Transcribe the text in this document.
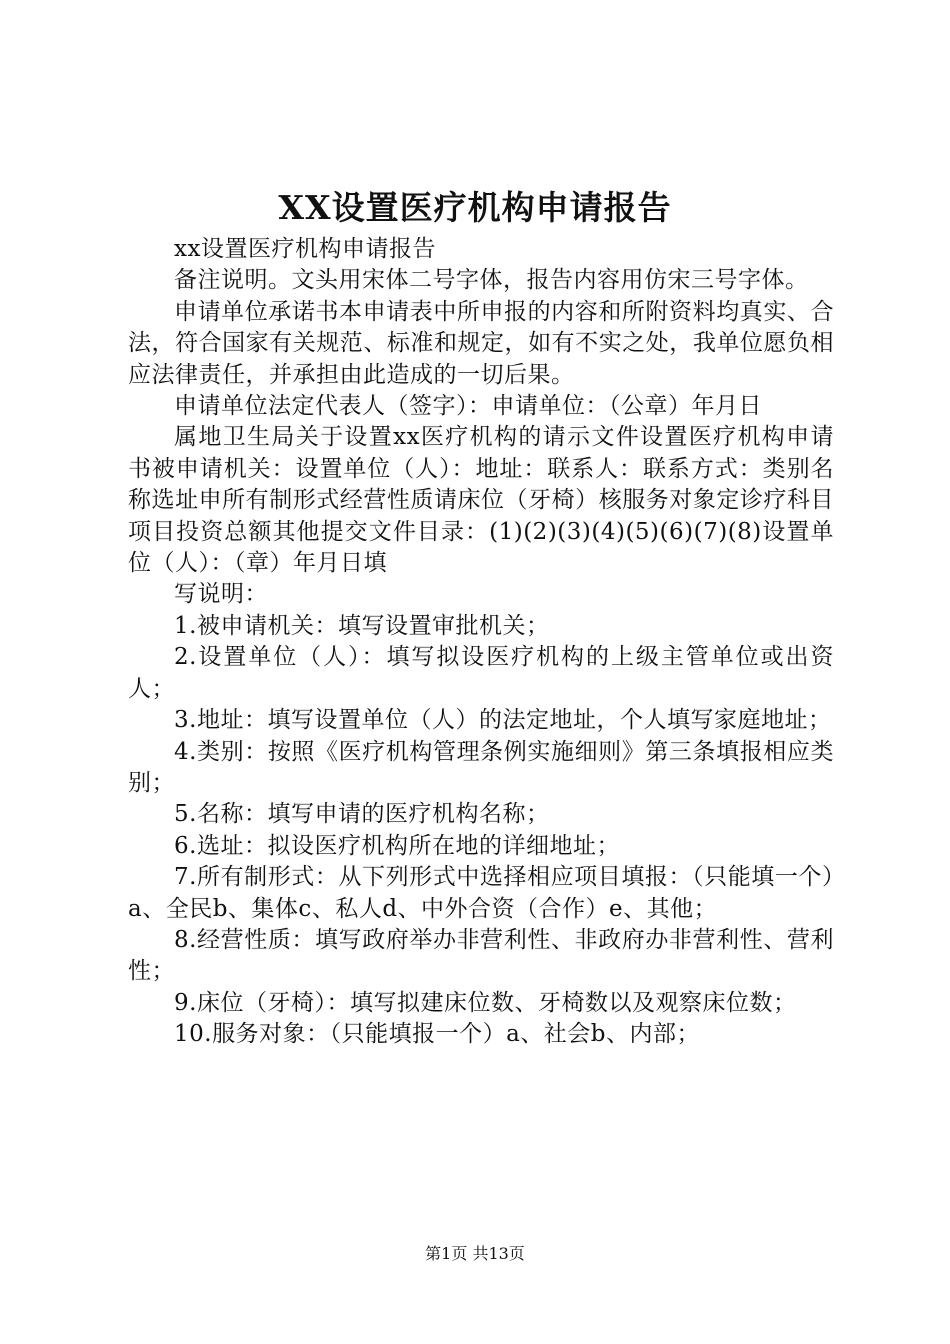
XX设置医疗机构申请报告

xx设置医疗机构申请报告

备注说明。文头用宋体二号字体，报告内容用仿宋三号字体。

申请单位承诺书本申请表中所申报的内容和所附资料均真实、合法，符合国家有关规范、标准和规定，如有不实之处，我单位愿负相应法律责任，并承担由此造成的一切后果。

申请单位法定代表人（签字）：申请单位：（公章）年月日

属地卫生局关于设置xx医疗机构的请示文件设置医疗机构申请书被申请机关：设置单位（人）：地址：联系人：联系方式：类别名称选址申所有制形式经营性质请床位（牙椅）核服务对象定诊疗科目项目投资总额其他提交文件目录：(1)(2)(3)(4)(5)(6)(7)(8)设置单位（人）：（章）年月日填

写说明：

1.被申请机关：填写设置审批机关；

2.设置单位（人）：填写拟设医疗机构的上级主管单位或出资人；

3.地址：填写设置单位（人）的法定地址，个人填写家庭地址；

4.类别：按照《医疗机构管理条例实施细则》第三条填报相应类别；

5.名称：填写申请的医疗机构名称；

6.选址：拟设医疗机构所在地的详细地址；

7.所有制形式：从下列形式中选择相应项目填报：（只能填一个）a、全民b、集体c、私人d、中外合资（合作）e、其他；

8.经营性质：填写政府举办非营利性、非政府办非营利性、营利性；

9.床位（牙椅）：填写拟建床位数、牙椅数以及观察床位数；

10.服务对象：（只能填报一个）a、社会b、内部；

第1页 共13页
